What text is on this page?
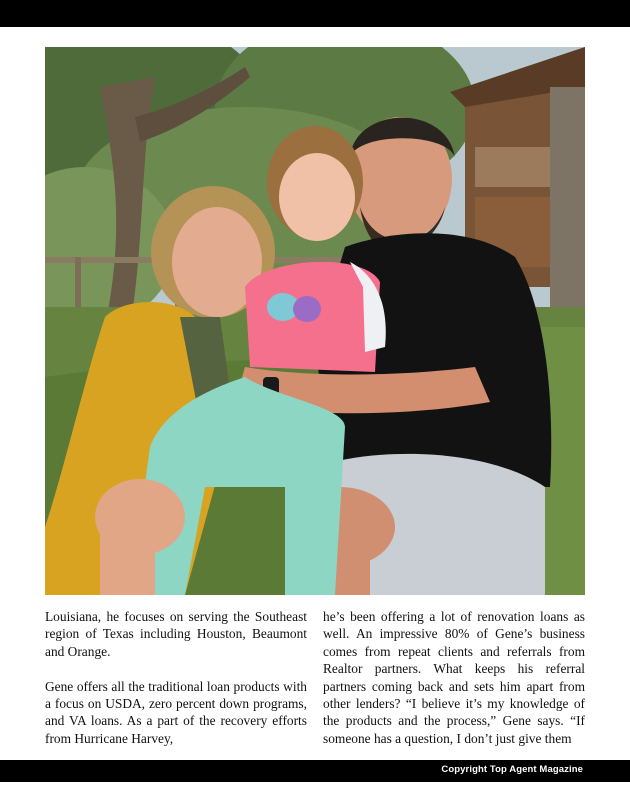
Louisiana, he focuses on serving the Southeast region of Texas including Houston, Beaumont and Orange.

Gene offers all the traditional loan products with a focus on USDA, zero percent down programs, and VA loans. As a part of the recovery efforts from Hurricane Harvey,

he’s been offering a lot of renovation loans as well. An impressive 80% of Gene’s business comes from repeat clients and referrals from Realtor partners. What keeps his referral partners coming back and sets him apart from other lenders? “I believe it’s my knowledge of the products and the process,” Gene says. “If someone has a question, I don’t just give them

Copyright Top Agent Magazine
